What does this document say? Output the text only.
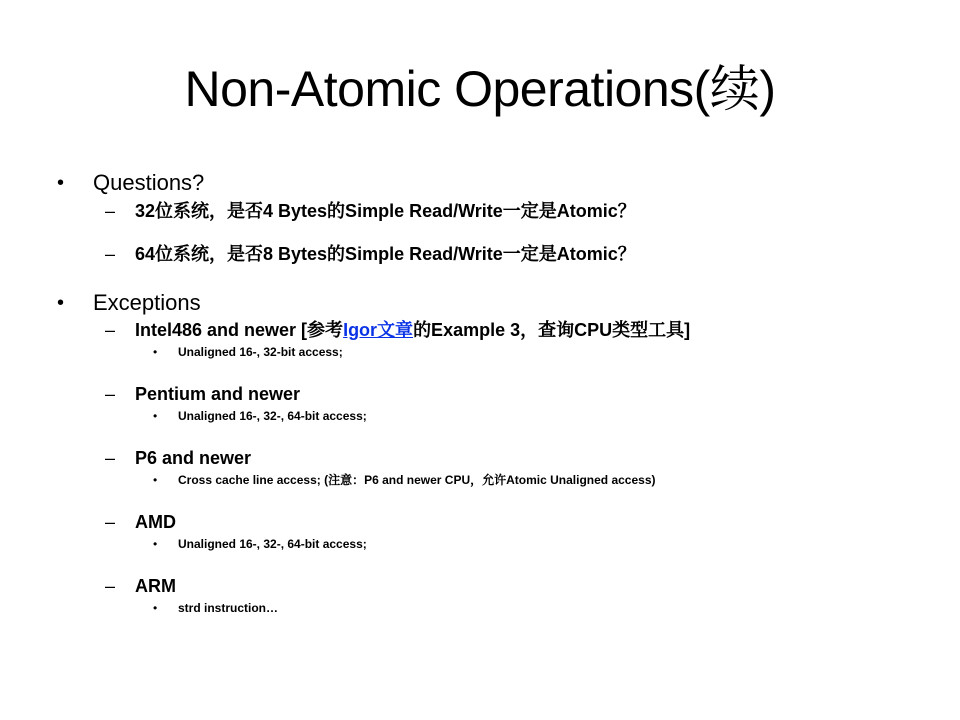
Non-Atomic Operations(续)
• Questions?
– 32位系统，是否4 Bytes的Simple Read/Write一定是Atomic？
– 64位系统，是否8 Bytes的Simple Read/Write一定是Atomic？
• Exceptions
– Intel486 and newer [参考Igor文章的Example 3，查询CPU类型工具]
• Unaligned 16-, 32-bit access;
– Pentium and newer
• Unaligned 16-, 32-, 64-bit access;
– P6 and newer
• Cross cache line access; (注意：P6 and newer CPU，允许Atomic Unaligned access)
– AMD
• Unaligned 16-, 32-, 64-bit access;
– ARM
• strd instruction…
